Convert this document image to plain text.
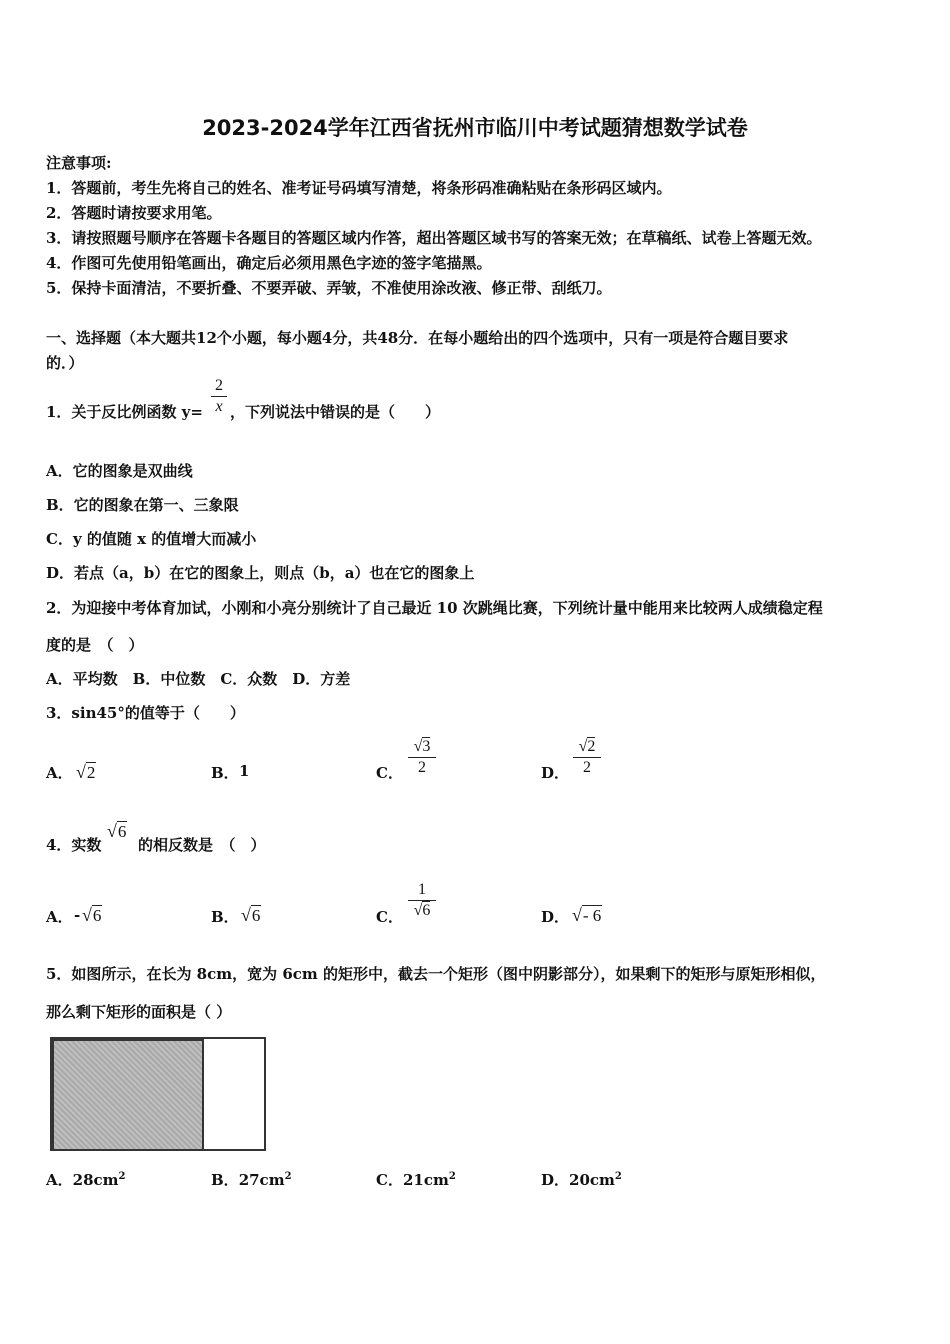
2023-2024学年江西省抚州市临川中考试题猜想数学试卷
注意事项:
1．答题前，考生先将自己的姓名、准考证号码填写清楚，将条形码准确粘贴在条形码区域内。
2．答题时请按要求用笔。
3．请按照题号顺序在答题卡各题目的答题区域内作答，超出答题区域书写的答案无效；在草稿纸、试卷上答题无效。
4．作图可先使用铅笔画出，确定后必须用黑色字迹的签字笔描黑。
5．保持卡面清洁，不要折叠、不要弄破、弄皱，不准使用涂改液、修正带、刮纸刀。
一、选择题（本大题共12个小题，每小题4分，共48分．在每小题给出的四个选项中，只有一项是符合题目要求
的．）
1．关于反比例函数 y=
2
x ，下列说法中错误的是（　　）
A．它的图象是双曲线
B．它的图象在第一、三象限
C．y 的值随 x 的值增大而减小
D．若点（a，b）在它的图象上，则点（b，a）也在它的图象上
2．为迎接中考体育加试，小刚和小亮分别统计了自己最近 10 次跳绳比赛，下列统计量中能用来比较两人成绩稳定程
度的是　（　）
A．平均数　B．中位数　C．众数　D．方差
3．sin45°的值等于（　　）
A． √2	B． 1	C．
√3
2	D．
√2
2
4．实数
√6
的相反数是　（　）
A． - √6	B． √6	C．
1
√6	D． √- 6
5．如图所示，在长为 8cm，宽为 6cm 的矩形中，截去一个矩形（图中阴影部分），如果剩下的矩形与原矩形相似，
那么剩下矩形的面积是（ ）
A．$28cm^2$	B．$27cm^2$	C．$21cm^2$	D．$20cm^2$
